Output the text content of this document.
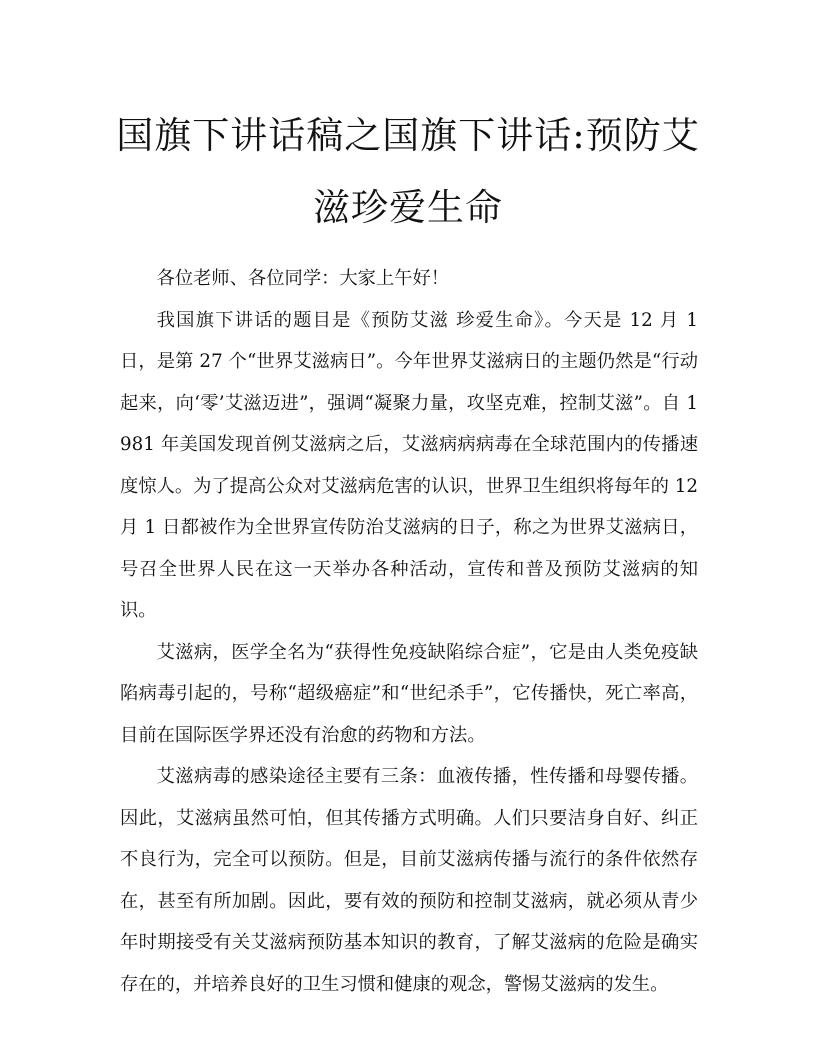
国旗下讲话稿之国旗下讲话:预防艾滋珍爱生命

各位老师、各位同学：大家上午好！

我国旗下讲话的题目是《预防艾滋 珍爱生命》。今天是 12 月 1 日，是第 27 个“世界艾滋病日”。今年世界艾滋病日的主题仍然是“行动起来，向‘零’艾滋迈进”，强调“凝聚力量，攻坚克难，控制艾滋”。自 1981 年美国发现首例艾滋病之后，艾滋病病病毒在全球范围内的传播速度惊人。为了提高公众对艾滋病危害的认识，世界卫生组织将每年的 12 月 1 日都被作为全世界宣传防治艾滋病的日子，称之为世界艾滋病日，号召全世界人民在这一天举办各种活动，宣传和普及预防艾滋病的知识。

艾滋病，医学全名为“获得性免疫缺陷综合症”，它是由人类免疫缺陷病毒引起的，号称“超级癌症”和“世纪杀手”，它传播快，死亡率高，目前在国际医学界还没有治愈的药物和方法。

艾滋病毒的感染途径主要有三条：血液传播，性传播和母婴传播。因此，艾滋病虽然可怕，但其传播方式明确。人们只要洁身自好、纠正不良行为，完全可以预防。但是，目前艾滋病传播与流行的条件依然存在，甚至有所加剧。因此，要有效的预防和控制艾滋病，就必须从青少年时期接受有关艾滋病预防基本知识的教育，了解艾滋病的危险是确实存在的，并培养良好的卫生习惯和健康的观念，警惕艾滋病的发生。
